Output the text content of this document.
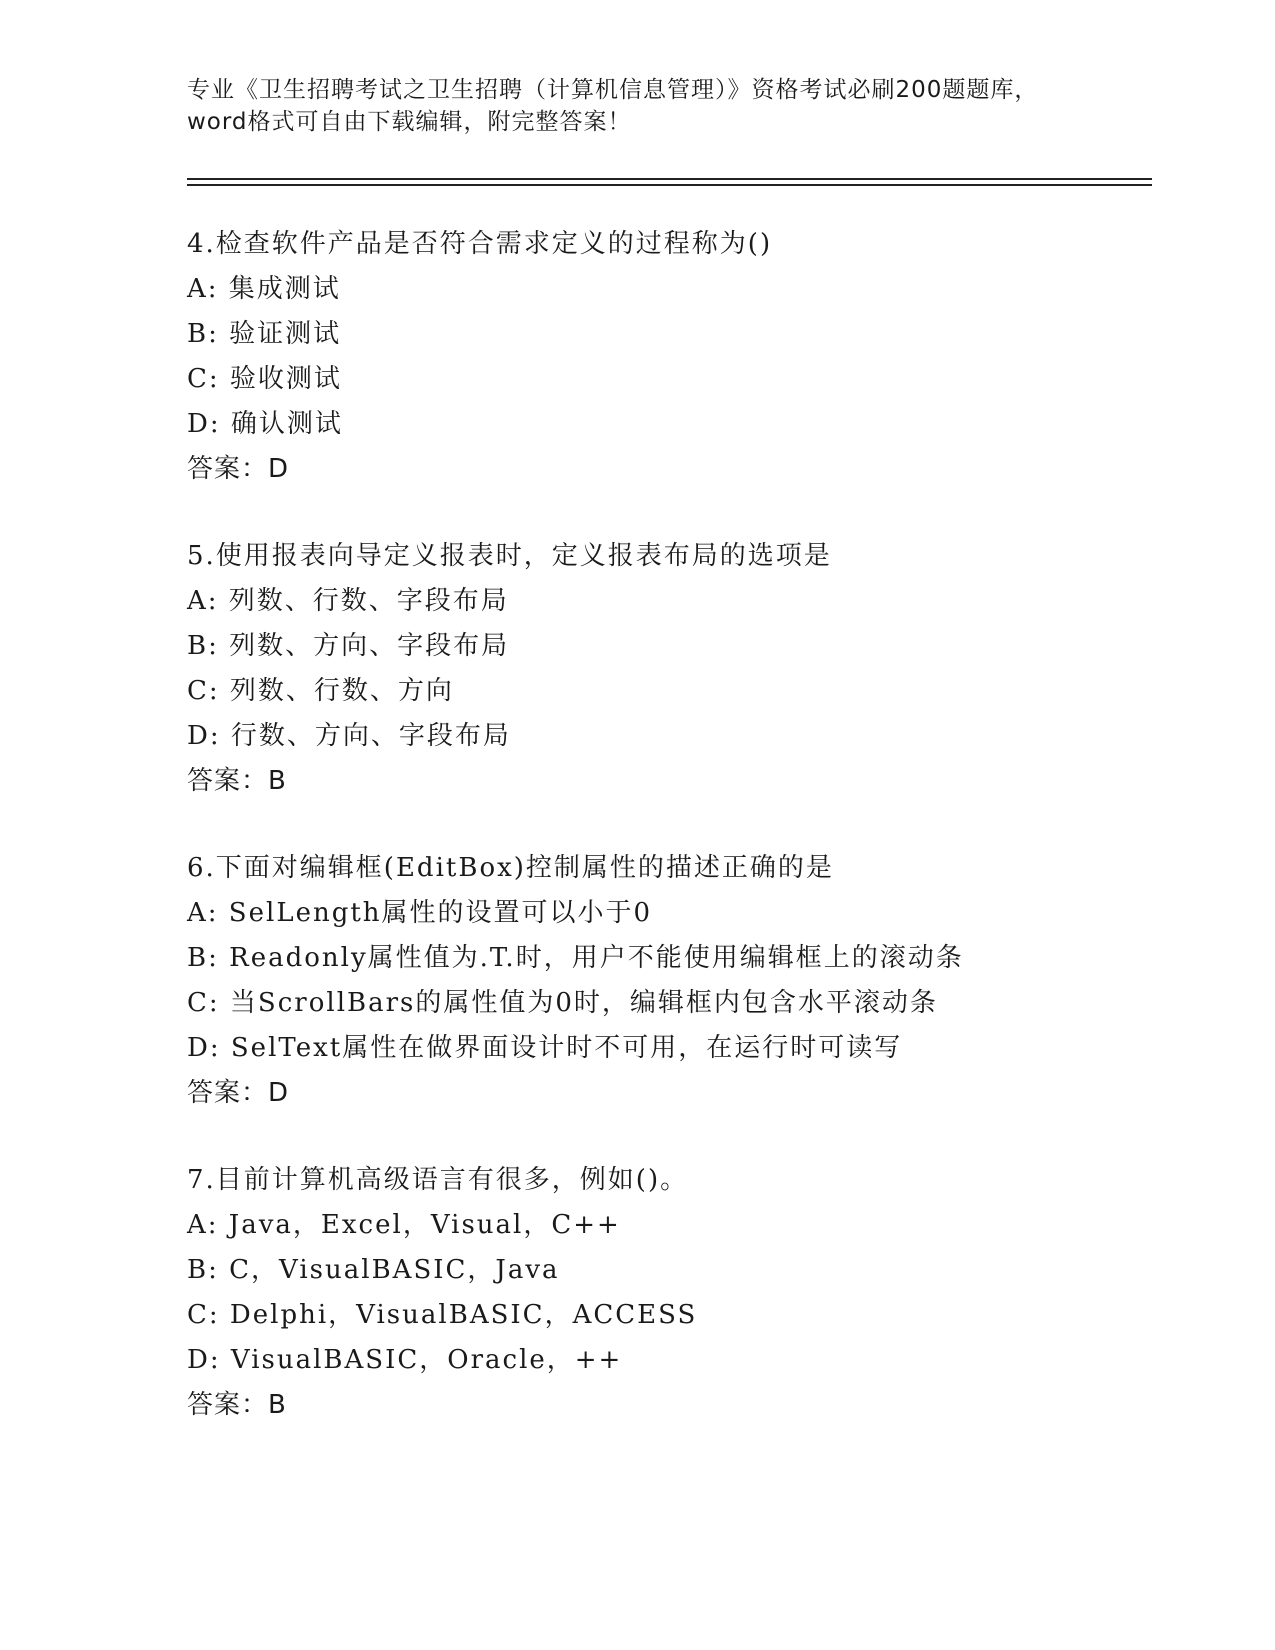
专业《卫生招聘考试之卫生招聘（计算机信息管理）》资格考试必刷200题题库，
word格式可自由下载编辑，附完整答案！
4.检查软件产品是否符合需求定义的过程称为()
A: 集成测试
B: 验证测试
C: 验收测试
D: 确认测试
答案：D
5.使用报表向导定义报表时，定义报表布局的选项是
A: 列数、行数、字段布局
B: 列数、方向、字段布局
C: 列数、行数、方向
D: 行数、方向、字段布局
答案：B
6.下面对编辑框(EditBox)控制属性的描述正确的是
A: SelLength属性的设置可以小于0
B: Readonly属性值为.T.时，用户不能使用编辑框上的滚动条
C: 当ScrollBars的属性值为0时，编辑框内包含水平滚动条
D: SelText属性在做界面设计时不可用，在运行时可读写
答案：D
7.目前计算机高级语言有很多，例如()。
A: Java，Excel，Visual，C++
B: C，VisualBASIC，Java
C: Delphi，VisualBASIC，ACCESS
D: VisualBASIC，Oracle，++
答案：B
